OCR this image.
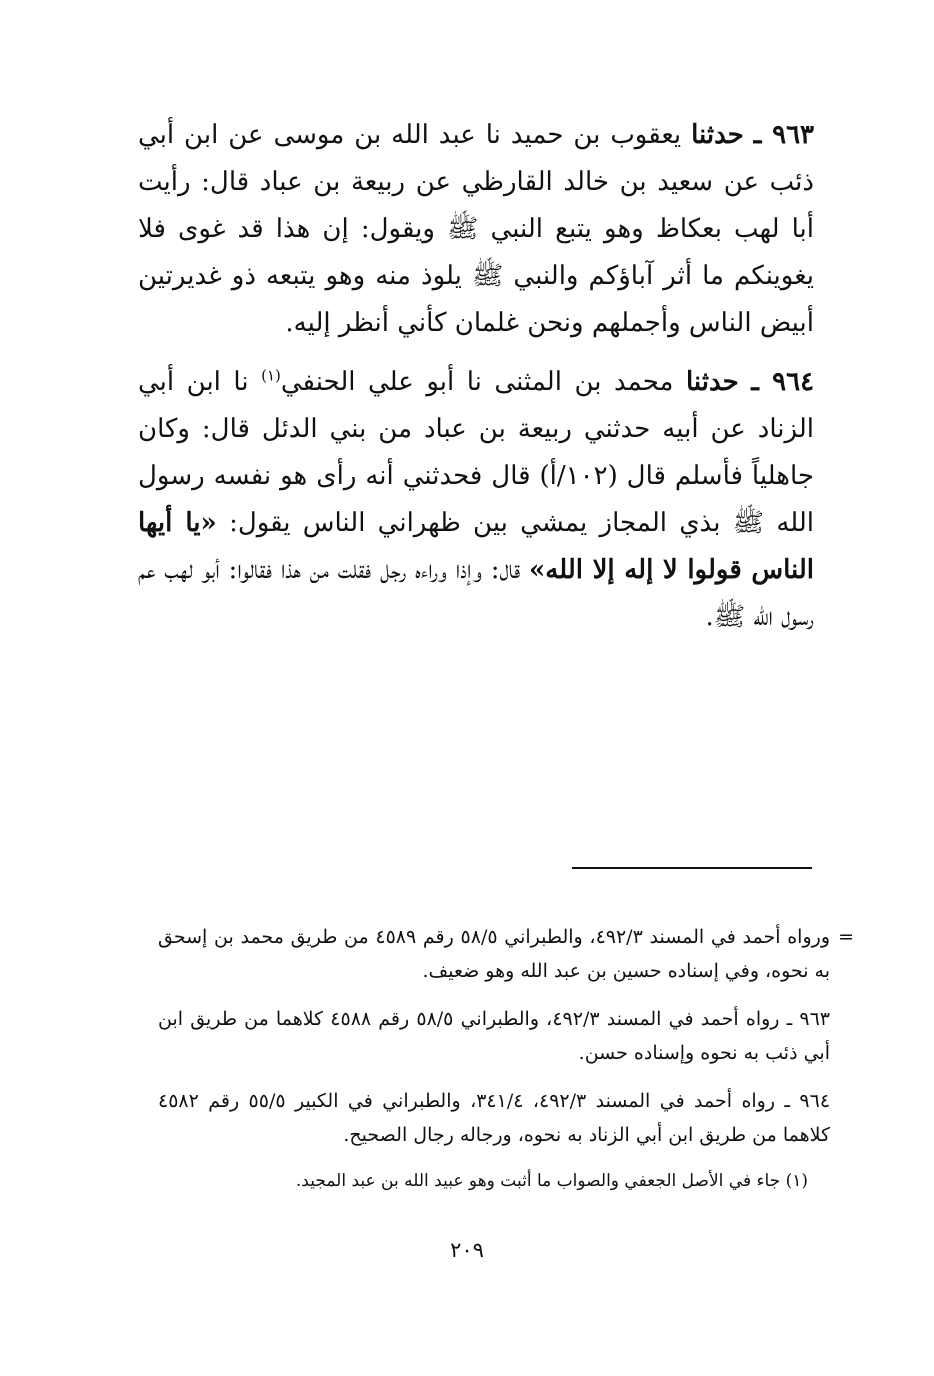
٩٦٣ ـ حدثنا يعقوب بن حميد نا عبد الله بن موسى عن ابن أبي ذئب عن سعيد بن خالد القارظي عن ربيعة بن عباد قال: رأيت أبا لهب بعكاظ وهو يتبع النبي ﷺ ويقول: إن هذا قد غوى فلا يغوينكم ما أثر آباؤكم والنبي ﷺ يلوذ منه وهو يتبعه ذو غديرتين أبيض الناس وأجملهم ونحن غلمان كأني أنظر إليه.

٩٦٤ ـ حدثنا محمد بن المثنى نا أبو علي الحنفي$^{(١)}$ نا ابن أبي الزناد عن أبيه حدثني ربيعة بن عباد من بني الدئل قال: وكان جاهلياً فأسلم قال (١٠٢/أ) قال فحدثني أنه رأى هو نفسه رسول الله ﷺ بذي المجاز يمشي بين ظهراني الناس يقول: «يا أيها الناس قولوا لا إله إلا الله» قال: وإذا وراءه رجل فقلت من هذا فقالوا: أبو لهب عم رسول الله ﷺ.

=
ورواه أحمد في المسند ٤٩٢/٣، والطبراني ٥٨/٥ رقم ٤٥٨٩ من طريق محمد بن إسحق به نحوه، وفي إسناده حسين بن عبد الله وهو ضعيف.

٩٦٣ ـ رواه أحمد في المسند ٤٩٢/٣، والطبراني ٥٨/٥ رقم ٤٥٨٨ كلاهما من طريق ابن أبي ذئب به نحوه وإسناده حسن.

٩٦٤ ـ رواه أحمد في المسند ٤٩٢/٣، ٣٤١/٤، والطبراني في الكبير ٥٥/٥ رقم ٤٥٨٢ كلاهما من طريق ابن أبي الزناد به نحوه، ورجاله رجال الصحيح.

(١) جاء في الأصل الجعفي والصواب ما أثبت وهو عبيد الله بن عبد المجيد.

٢٠٩
